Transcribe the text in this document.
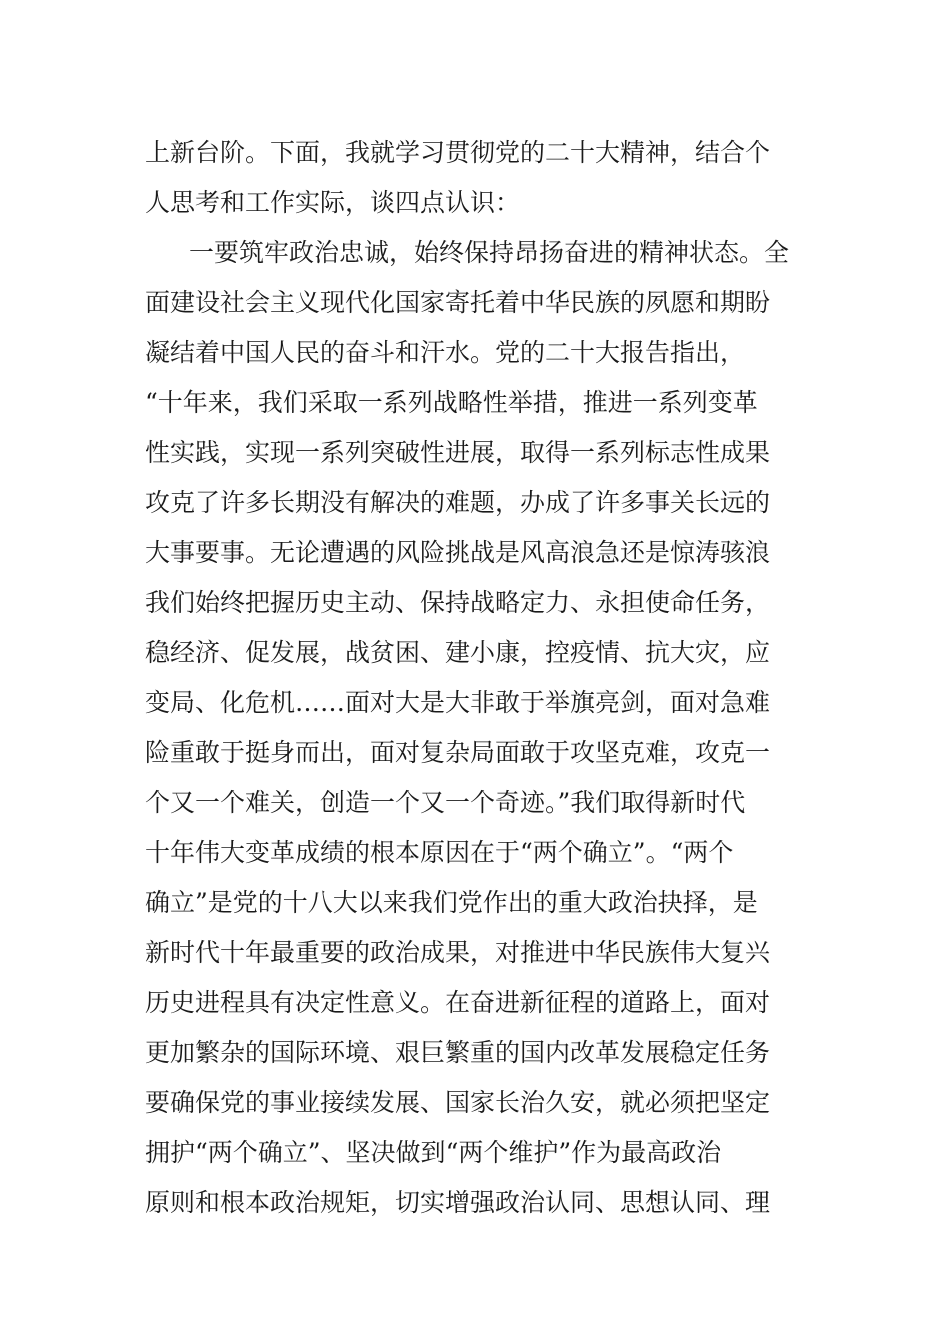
上新台阶。下面，我就学习贯彻党的二十大精神，结合个
人思考和工作实际，谈四点认识：
一要筑牢政治忠诚，始终保持昂扬奋进的精神状态。全
面建设社会主义现代化国家寄托着中华民族的夙愿和期盼
凝结着中国人民的奋斗和汗水。党的二十大报告指出，
“十年来，我们采取一系列战略性举措，推进一系列变革
性实践，实现一系列突破性进展，取得一系列标志性成果
攻克了许多长期没有解决的难题，办成了许多事关长远的
大事要事。无论遭遇的风险挑战是风高浪急还是惊涛骇浪
我们始终把握历史主动、保持战略定力、永担使命任务，
稳经济、促发展，战贫困、建小康，控疫情、抗大灾，应
变局、化危机……面对大是大非敢于举旗亮剑，面对急难
险重敢于挺身而出，面对复杂局面敢于攻坚克难，攻克一
个又一个难关，创造一个又一个奇迹。”我们取得新时代
十年伟大变革成绩的根本原因在于“两个确立”。“两个
确立”是党的十八大以来我们党作出的重大政治抉择，是
新时代十年最重要的政治成果，对推进中华民族伟大复兴
历史进程具有决定性意义。在奋进新征程的道路上，面对
更加繁杂的国际环境、艰巨繁重的国内改革发展稳定任务
要确保党的事业接续发展、国家长治久安，就必须把坚定
拥护“两个确立”、坚决做到“两个维护”作为最高政治
原则和根本政治规矩，切实增强政治认同、思想认同、理
